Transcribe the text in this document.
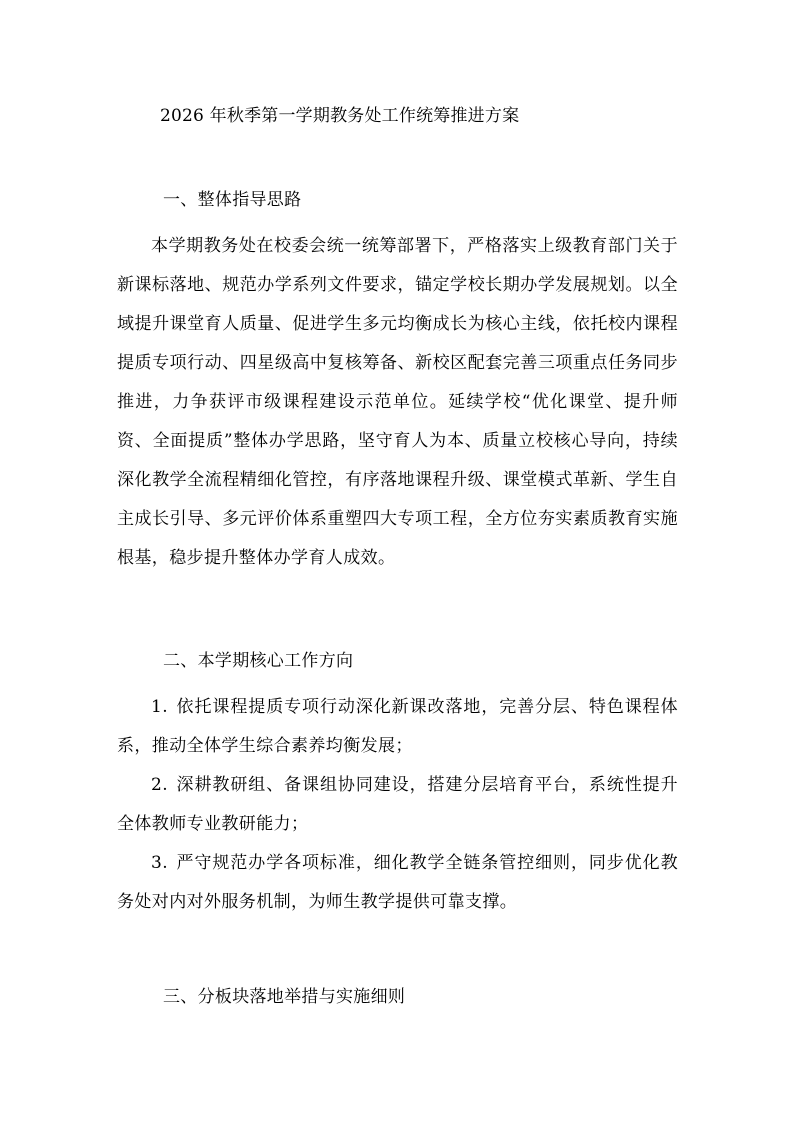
2026 年秋季第一学期教务处工作统筹推进方案
一、整体指导思路
本学期教务处在校委会统一统筹部署下，严格落实上级教育部门关于新课标落地、规范办学系列文件要求，锚定学校长期办学发展规划。以全域提升课堂育人质量、促进学生多元均衡成长为核心主线，依托校内课程提质专项行动、四星级高中复核筹备、新校区配套完善三项重点任务同步推进，力争获评市级课程建设示范单位。延续学校“优化课堂、提升师资、全面提质”整体办学思路，坚守育人为本、质量立校核心导向，持续深化教学全流程精细化管控，有序落地课程升级、课堂模式革新、学生自主成长引导、多元评价体系重塑四大专项工程，全方位夯实素质教育实施根基，稳步提升整体办学育人成效。
二、本学期核心工作方向
1. 依托课程提质专项行动深化新课改落地，完善分层、特色课程体系，推动全体学生综合素养均衡发展；
2. 深耕教研组、备课组协同建设，搭建分层培育平台，系统性提升全体教师专业教研能力；
3. 严守规范办学各项标准，细化教学全链条管控细则，同步优化教务处对内对外服务机制，为师生教学提供可靠支撑。
三、分板块落地举措与实施细则
